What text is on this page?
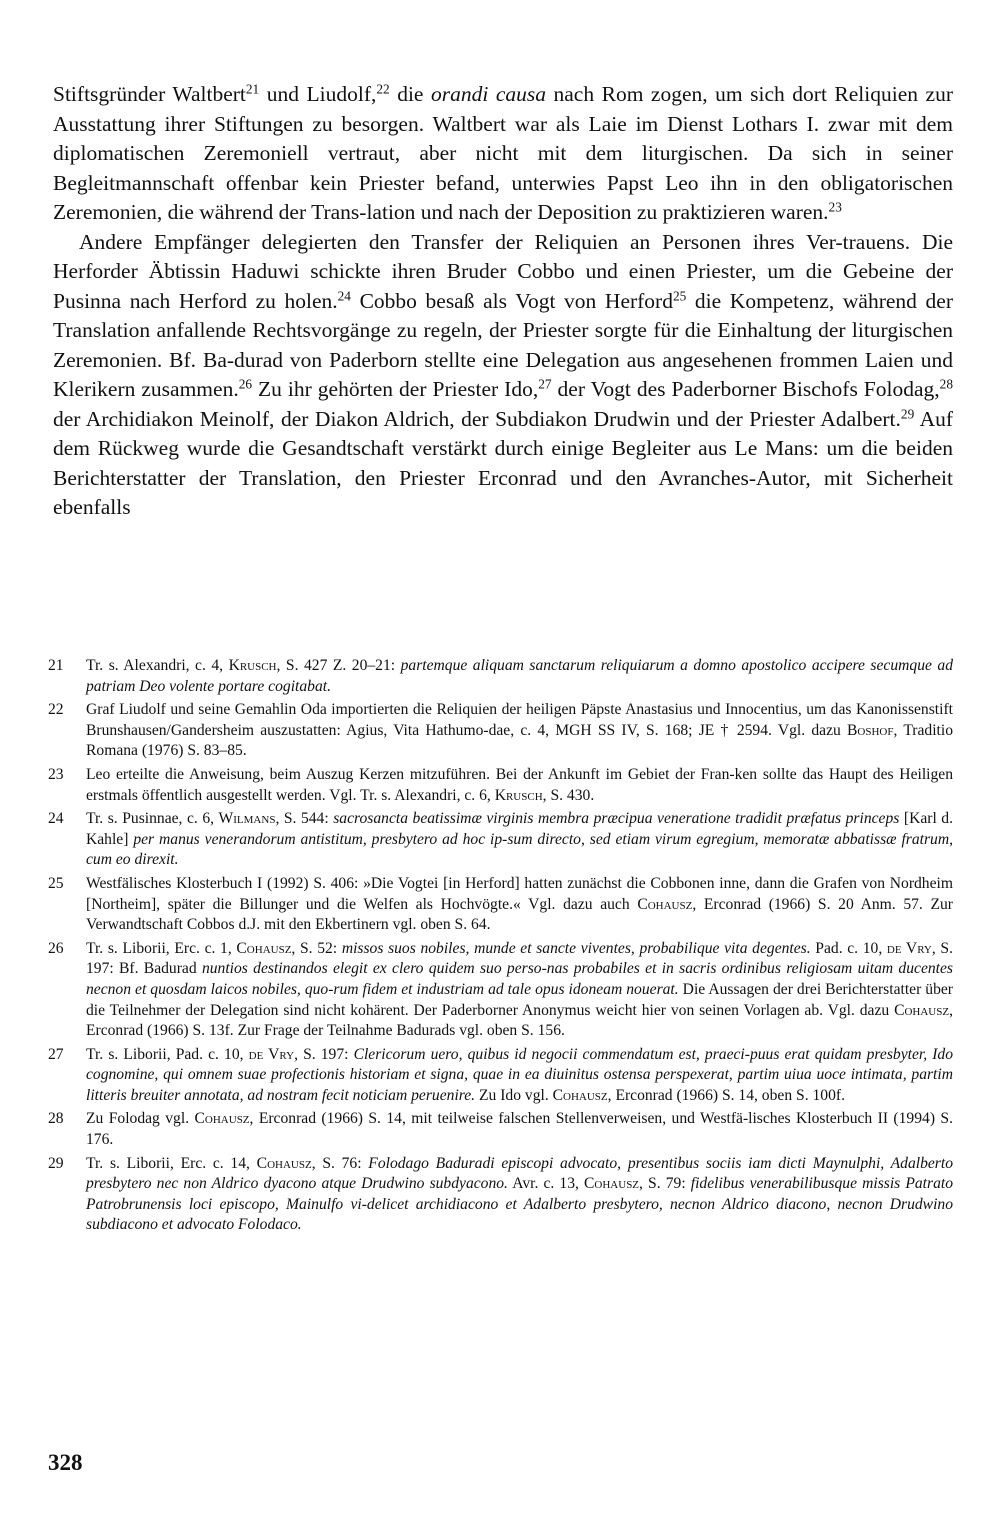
Stiftsgründer Waltbert$^{21}$ und Liudolf,$^{22}$ die orandi causa nach Rom zogen, um sich dort Reliquien zur Ausstattung ihrer Stiftungen zu besorgen. Waltbert war als Laie im Dienst Lothars I. zwar mit dem diplomatischen Zeremoniell vertraut, aber nicht mit dem liturgischen. Da sich in seiner Begleitmannschaft offenbar kein Priester befand, unterwies Papst Leo ihn in den obligatorischen Zeremonien, die während der Trans-lation und nach der Deposition zu praktizieren waren.$^{23}$

Andere Empfänger delegierten den Transfer der Reliquien an Personen ihres Ver-trauens. Die Herforder Äbtissin Haduwi schickte ihren Bruder Cobbo und einen Priester, um die Gebeine der Pusinna nach Herford zu holen.$^{24}$ Cobbo besaß als Vogt von Herford$^{25}$ die Kompetenz, während der Translation anfallende Rechtsvorgänge zu regeln, der Priester sorgte für die Einhaltung der liturgischen Zeremonien. Bf. Ba-durad von Paderborn stellte eine Delegation aus angesehenen frommen Laien und Klerikern zusammen.$^{26}$ Zu ihr gehörten der Priester Ido,$^{27}$ der Vogt des Paderborner Bischofs Folodag,$^{28}$ der Archidiakon Meinolf, der Diakon Aldrich, der Subdiakon Drudwin und der Priester Adalbert.$^{29}$ Auf dem Rückweg wurde die Gesandtschaft verstärkt durch einige Begleiter aus Le Mans: um die beiden Berichterstatter der Translation, den Priester Erconrad und den Avranches-Autor, mit Sicherheit ebenfalls

21	Tr. s. Alexandri, c. 4, Krusch, S. 427 Z. 20–21: partemque aliquam sanctarum reliquiarum a domno apostolico accipere secumque ad patriam Deo volente portare cogitabat.
22	Graf Liudolf und seine Gemahlin Oda importierten die Reliquien der heiligen Päpste Anastasius und Innocentius, um das Kanonissenstift Brunshausen/Gandersheim auszustatten: Agius, Vita Hathumo-dae, c. 4, MGH SS IV, S. 168; JE † 2594. Vgl. dazu Boshof, Traditio Romana (1976) S. 83–85.
23	Leo erteilte die Anweisung, beim Auszug Kerzen mitzuführen. Bei der Ankunft im Gebiet der Fran-ken sollte das Haupt des Heiligen erstmals öffentlich ausgestellt werden. Vgl. Tr. s. Alexandri, c. 6, Krusch, S. 430.
24	Tr. s. Pusinnae, c. 6, Wilmans, S. 544: sacrosancta beatissimæ virginis membra præcipua veneratione tradidit præfatus princeps [Karl d. Kahle] per manus venerandorum antistitum, presbytero ad hoc ip-sum directo, sed etiam virum egregium, memoratæ abbatissæ fratrum, cum eo direxit.
25	Westfälisches Klosterbuch I (1992) S. 406: »Die Vogtei [in Herford] hatten zunächst die Cobbonen inne, dann die Grafen von Nordheim [Northeim], später die Billunger und die Welfen als Hochvögte.« Vgl. dazu auch Cohausz, Erconrad (1966) S. 20 Anm. 57. Zur Verwandtschaft Cobbos d.J. mit den Ekbertinern vgl. oben S. 64.
26	Tr. s. Liborii, Erc. c. 1, Cohausz, S. 52: missos suos nobiles, munde et sancte viventes, probabilique vita degentes. Pad. c. 10, de Vry, S. 197: Bf. Badurad nuntios destinandos elegit ex clero quidem suo perso-nas probabiles et in sacris ordinibus religiosam uitam ducentes necnon et quosdam laicos nobiles, quo-rum fidem et industriam ad tale opus idoneam nouerat. Die Aussagen der drei Berichterstatter über die Teilnehmer der Delegation sind nicht kohärent. Der Paderborner Anonymus weicht hier von seinen Vorlagen ab. Vgl. dazu Cohausz, Erconrad (1966) S. 13f. Zur Frage der Teilnahme Badurads vgl. oben S. 156.
27	Tr. s. Liborii, Pad. c. 10, de Vry, S. 197: Clericorum uero, quibus id negocii commendatum est, praeci-puus erat quidam presbyter, Ido cognomine, qui omnem suae profectionis historiam et signa, quae in ea diuinitus ostensa perspexerat, partim uiua uoce intimata, partim litteris breuiter annotata, ad nostram fecit noticiam peruenire. Zu Ido vgl. Cohausz, Erconrad (1966) S. 14, oben S. 100f.
28	Zu Folodag vgl. Cohausz, Erconrad (1966) S. 14, mit teilweise falschen Stellenverweisen, und Westfä-lisches Klosterbuch II (1994) S. 176.
29	Tr. s. Liborii, Erc. c. 14, Cohausz, S. 76: Folodago Baduradi episcopi advocato, presentibus sociis iam dicti Maynulphi, Adalberto presbytero nec non Aldrico dyacono atque Drudwino subdyacono. Avr. c. 13, Cohausz, S. 79: fidelibus venerabilibusque missis Patrato Patrobrunensis loci episcopo, Mainulfo vi-delicet archidiacono et Adalberto presbytero, necnon Aldrico diacono, necnon Drudwino subdiacono et advocato Folodaco.
328
